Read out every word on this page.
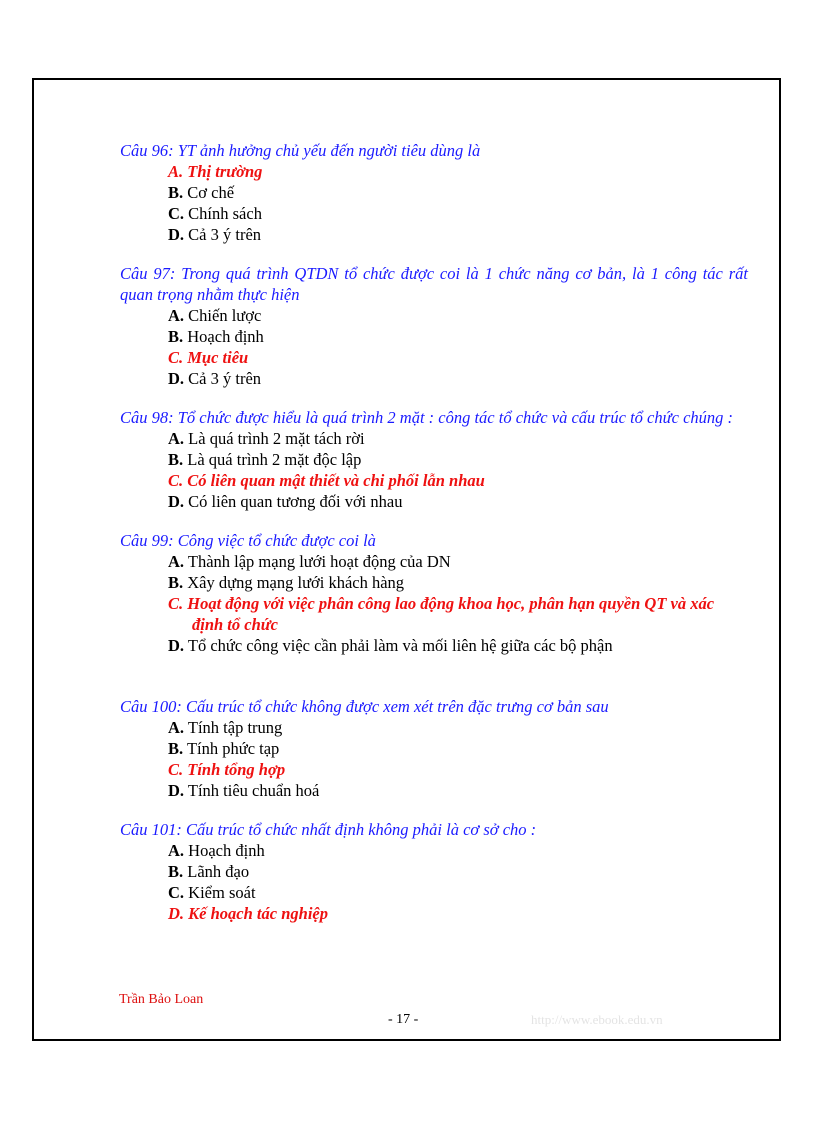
Câu 96: YT ảnh hưởng chủ yếu đến người tiêu dùng là
A. Thị trường
B. Cơ chế
C. Chính sách
D. Cả 3 ý trên
Câu 97: Trong quá trình QTDN tổ chức được coi là 1 chức năng cơ bản, là 1 công tác rất quan trọng nhằm thực hiện
A. Chiến lược
B. Hoạch định
C. Mục tiêu
D. Cả 3 ý trên
Câu 98: Tổ chức được hiểu là quá trình 2 mặt : công tác tổ chức và cấu trúc tổ chức chúng :
A. Là quá trình 2 mặt tách rời
B. Là quá trình 2 mặt độc lập
C. Có liên quan mật thiết và chi phối lẫn nhau
D. Có liên quan tương đối với nhau
Câu 99: Công việc tổ chức được coi là
A. Thành lập mạng lưới hoạt động của DN
B. Xây dựng mạng lưới khách hàng
C. Hoạt động với việc phân công lao động khoa học, phân hạn quyền QT và xác định tổ chức
D. Tổ chức công việc cần phải làm và mối liên hệ giữa các bộ phận
Câu 100: Cấu trúc tổ chức không được xem xét trên đặc trưng cơ bản sau
A. Tính tập trung
B. Tính phức tạp
C. Tính tổng hợp
D. Tính tiêu chuẩn hoá
Câu 101: Cấu trúc tổ chức nhất định không phải là cơ sở cho :
A. Hoạch định
B. Lãnh đạo
C. Kiểm soát
D. Kế hoạch tác nghiệp
Trần Bảo Loan
- 17 -	http://www.ebook.edu.vn
